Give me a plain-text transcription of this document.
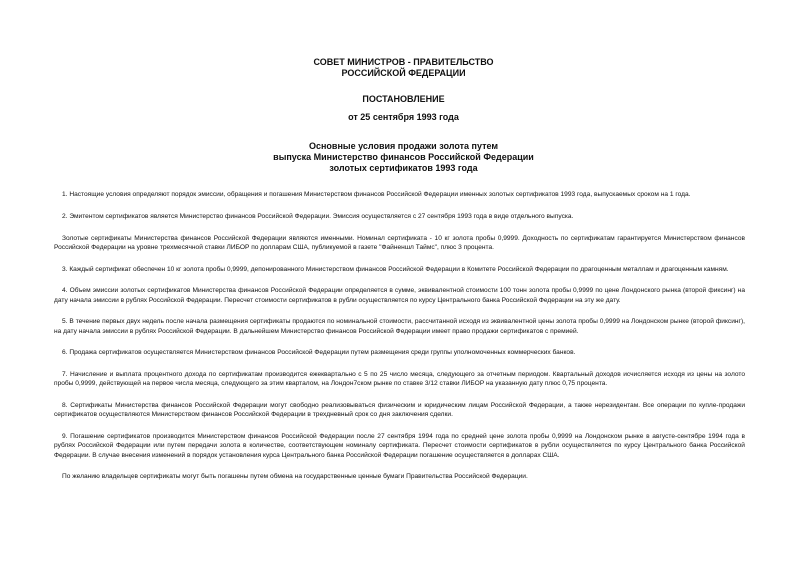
СОВЕТ МИНИСТРОВ - ПРАВИТЕЛЬСТВО
РОССИЙСКОЙ ФЕДЕРАЦИИ
ПОСТАНОВЛЕНИЕ
от 25 сентября 1993 года
Основные условия продажи золота путем
выпуска Министерство финансов Российской Федерации
золотых сертификатов 1993 года

1. Настоящие условия определяют порядок эмиссии, обращения и погашения Министерством финансов Российской Федерации именных золотых сертификатов 1993 года, выпускаемых сроком на 1 года.

2. Эмитентом сертификатов является Министерство финансов Российской Федерации. Эмиссия осуществляется с 27 сентября 1993 года в виде отдельного выпуска.

Золотые сертификаты Министерства финансов Российской Федерации являются именными. Номинал сертификата - 10 кг золота пробы 0,9999. Доходность по сертификатам гарантируется Министерством финансов Российской Федерации на уровне трехмесячной ставки ЛИБОР по долларам США, публикуемой в газете "Файненшл Таймс", плюс 3 процента.

3. Каждый сертификат обеспечен 10 кг золота пробы 0,9999, депонированного Министерством финансов Российской Федерации в Комитете Российской Федерации по драгоценным металлам и драгоценным камням.

4. Объем эмиссии золотых сертификатов Министерства финансов Российской Федерации определяется в сумме, эквивалентной стоимости 100 тонн золота пробы 0,9999 по цене Лондонского рынка (второй фиксинг) на дату начала эмиссии в рублях Российской Федерации. Пересчет стоимости сертификатов в рубли осуществляется по курсу Центрального банка Российской Федерации на эту же дату.

5. В течение первых двух недель после начала размещения сертификаты продаются по номинальной стоимости, рассчитанной исходя из эквивалентной цены золота пробы 0,9999 на Лондонском рынке (второй фиксинг), на дату начала эмиссии в рублях Российской Федерации. В дальнейшем Министерство финансов Российской Федерации имеет право продажи сертификатов с премией.

6. Продажа сертификатов осуществляется Министерством финансов Российской Федерации путем размещения среди группы уполномоченных коммерческих банков.

7. Начисление и выплата процентного дохода по сертификатам производится ежеквартально с 5 по 25 число месяца, следующего за отчетным периодом. Квартальный доходов исчисляется исходя из цены на золото пробы 0,9999, действующей на первое числа месяца, следующего за этим кварталом, на Лондон7ском рынке по ставке 3/12 ставки ЛИБОР на указанную дату плюс 0,75 процента.

8. Сертификаты Министерства финансов Российской Федерации могут свободно реализовываться физическим и юридическим лицам Российской Федерации, а также нерезидентам. Все операции по купле-продажи сертификатов осуществляются Министерством финансов Российской Федерации в трехдневный срок со дня заключения сделки.

9. Погашение сертификатов производится Министерством финансов Российской Федерации после 27 сентября 1994 года по средней цене золота пробы 0,9999 на Лондонском рынке в августе-сентябре 1994 года в рублях Российской Федерации или путем передачи золота в количестве, соответствующем номиналу сертификата. Пересчет стоимости сертификатов в рубли осуществляется по курсу Центрального банка Российской Федерации. В случае внесения изменений в порядок установления курса Центрального банка Российской Федерации погашение осуществляется в долларах США.

По желанию владельцев сертификаты могут быть погашены путем обмена на государственные ценные бумаги Правительства Российской Федерации.
